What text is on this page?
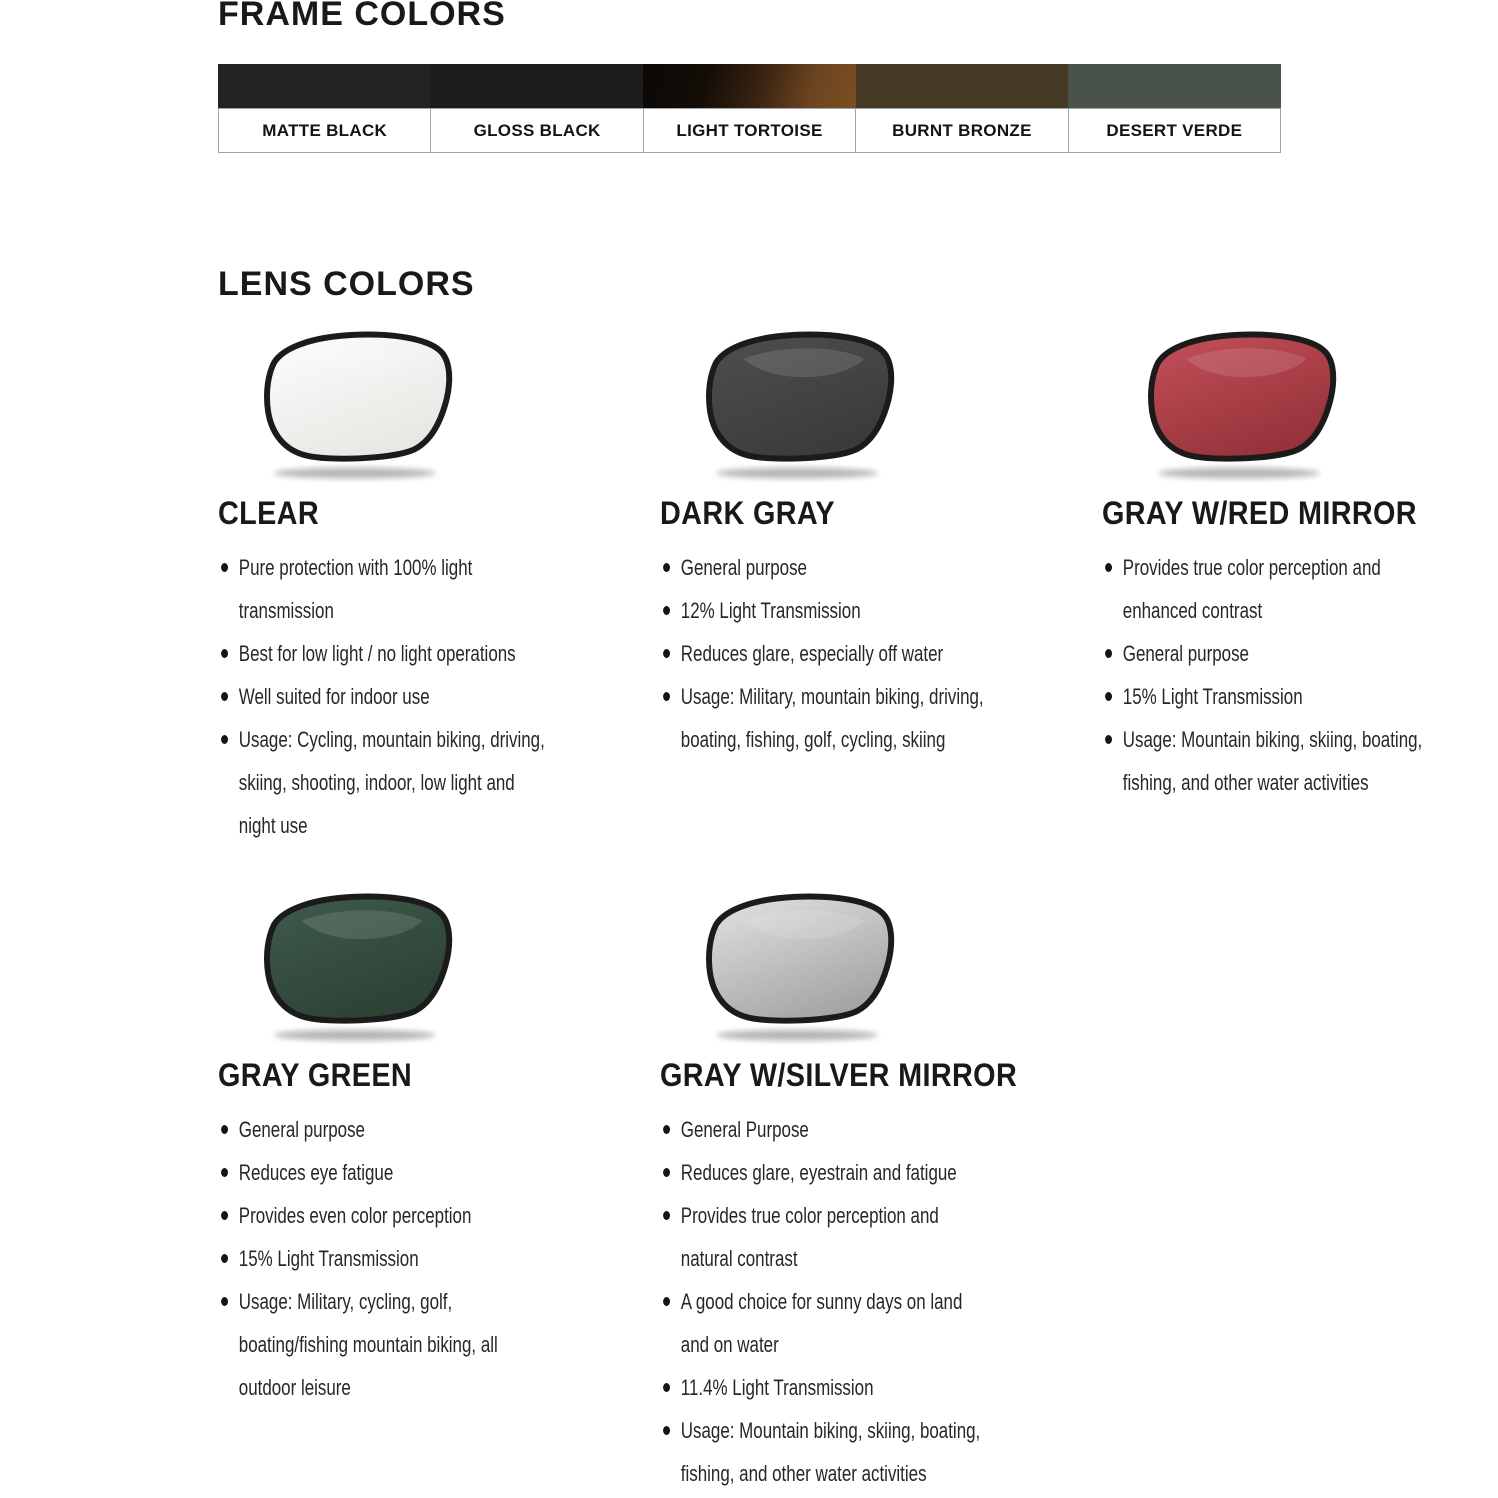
FRAME COLORS
MATTE BLACK	GLOSS BLACK	LIGHT TORTOISE	BURNT BRONZE	DESERT VERDE
LENS COLORS
CLEAR
Pure protection with 100% light transmission
Best for low light / no light operations
Well suited for indoor use
Usage: Cycling, mountain biking, driving, skiing, shooting, indoor, low light and night use
DARK GRAY
General purpose
12% Light Transmission
Reduces glare, especially off water
Usage: Military, mountain biking, driving, boating, fishing, golf, cycling, skiing
GRAY W/RED MIRROR
Provides true color perception and enhanced contrast
General purpose
15% Light Transmission
Usage: Mountain biking, skiing, boating, fishing, and other water activities
GRAY GREEN
General purpose
Reduces eye fatigue
Provides even color perception
15% Light Transmission
Usage: Military, cycling, golf, boating/fishing mountain biking, all outdoor leisure
GRAY W/SILVER MIRROR
General Purpose
Reduces glare, eyestrain and fatigue
Provides true color perception and natural contrast
A good choice for sunny days on land and on water
11.4% Light Transmission
Usage: Mountain biking, skiing, boating, fishing, and other water activities
